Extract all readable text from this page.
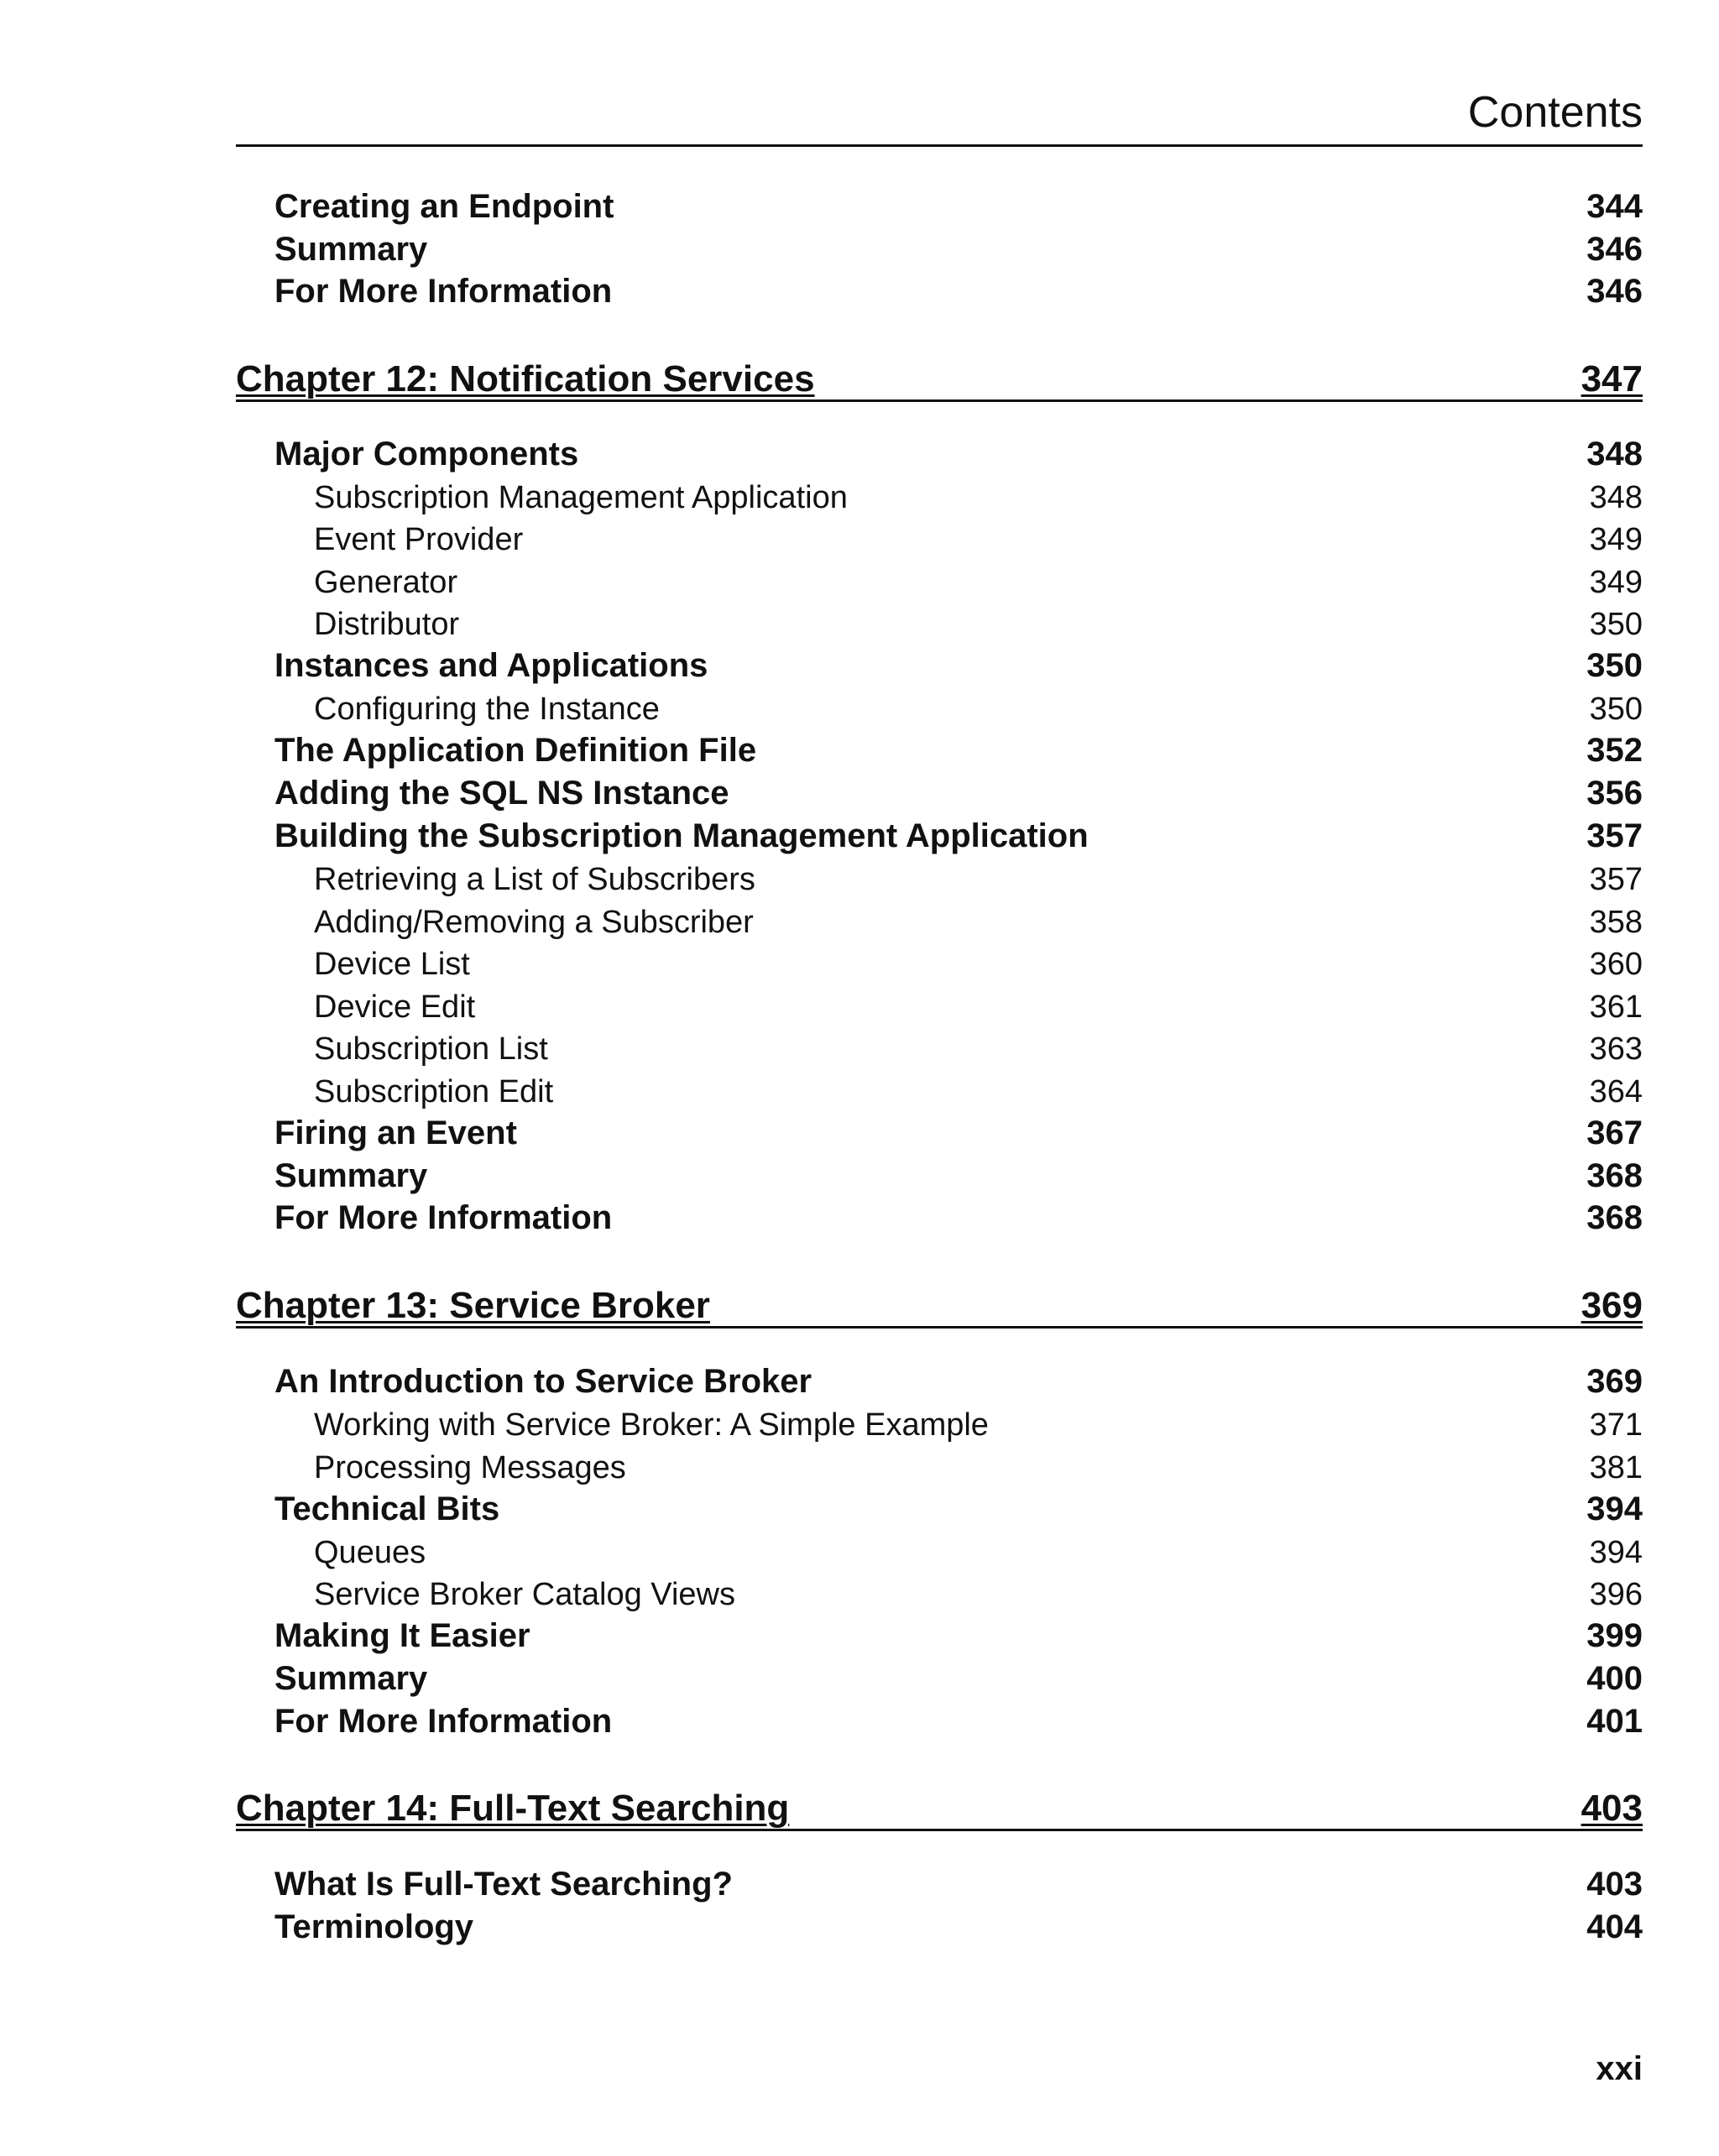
Contents
Creating an Endpoint	344
Summary	346
For More Information	346
Chapter 12: Notification Services	347
Major Components	348
Subscription Management Application	348
Event Provider	349
Generator	349
Distributor	350
Instances and Applications	350
Configuring the Instance	350
The Application Definition File	352
Adding the SQL NS Instance	356
Building the Subscription Management Application	357
Retrieving a List of Subscribers	357
Adding/Removing a Subscriber	358
Device List	360
Device Edit	361
Subscription List	363
Subscription Edit	364
Firing an Event	367
Summary	368
For More Information	368
Chapter 13: Service Broker	369
An Introduction to Service Broker	369
Working with Service Broker: A Simple Example	371
Processing Messages	381
Technical Bits	394
Queues	394
Service Broker Catalog Views	396
Making It Easier	399
Summary	400
For More Information	401
Chapter 14: Full-Text Searching	403
What Is Full-Text Searching?	403
Terminology	404
xxi
